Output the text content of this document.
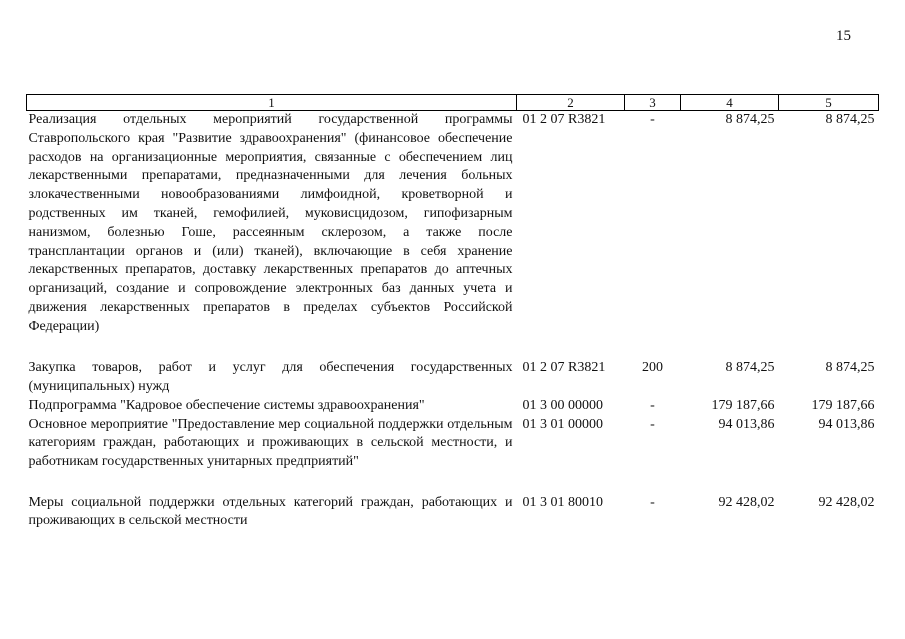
15
1	2	3	4	5
Реализация отдельных мероприятий государственной программы Ставропольского края "Развитие здравоохранения" (финансовое обеспечение расходов на организационные мероприятия, связанные с обеспечением лиц лекарственными препаратами, предназначенными для лечения больных злокачественными новообразованиями лимфоидной, кроветворной и родственных им тканей, гемофилией, муковисцидозом, гипофизарным нанизмом, болезнью Гоше, рассеянным склерозом, а также после трансплантации органов и (или) тканей), включающие в себя хранение лекарственных препаратов, доставку лекарственных препаратов до аптечных организаций, создание и сопровождение электронных баз данных учета и движения лекарственных препаратов в пределах субъектов Российской Федерации)	01 2 07 R3821	-	8 874,25	8 874,25
Закупка товаров, работ и услуг для обеспечения государственных (муниципальных) нужд	01 2 07 R3821	200	8 874,25	8 874,25
Подпрограмма "Кадровое обеспечение системы здравоохранения"	01 3 00 00000	-	179 187,66	179 187,66
Основное мероприятие "Предоставление мер социальной поддержки отдельным категориям граждан, работающих и проживающих в сельской местности, и работникам государственных унитарных предприятий"	01 3 01 00000	-	94 013,86	94 013,86
Меры социальной поддержки отдельных категорий граждан, работающих и проживающих в сельской местности	01 3 01 80010	-	92 428,02	92 428,02
